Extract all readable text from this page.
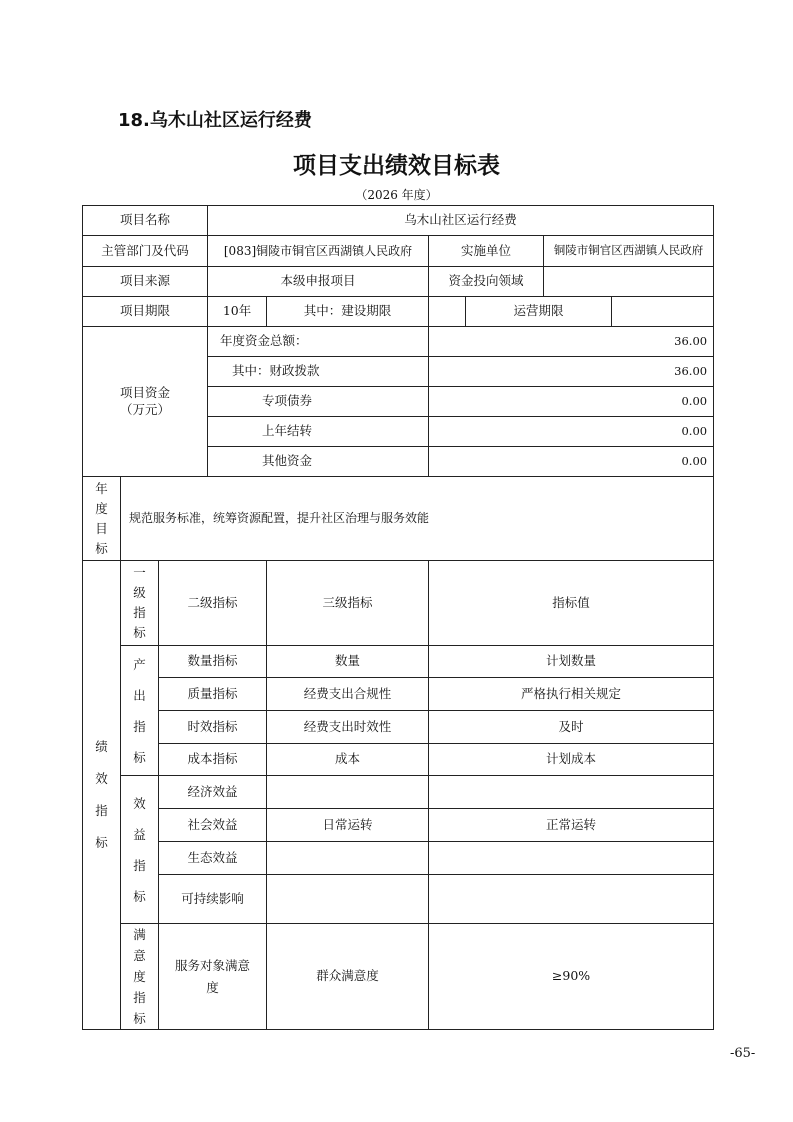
18.乌木山社区运行经费
项目支出绩效目标表
（2026 年度）
项目名称			乌木山社区运行经费					
主管部门及代码			[083]铜陵市铜官区西湖镇人民政府		实施单位		铜陵市铜官区西湖镇人民政府	
项目来源			本级申报项目		资金投向领域			
项目期限			10年	其中：建设期限		运营期限		
项目资金
（万元）			年度资金总额：		36.00			
			其中：财政拨款		36.00			
			专项债券		0.00			
			上年结转		0.00			
			其他资金		0.00			
年度目标	规范服务标准，统筹资源配置，提升社区治理与服务效能							
绩效指标	一级指标	二级指标		三级指标	指标值			
	产出指标	数量指标		数量	计划数量			
		质量指标		经费支出合规性	严格执行相关规定			
		时效指标		经费支出时效性	及时			
		成本指标		成本	计划成本			
	效益指标	经济效益						
		社会效益		日常运转	正常运转			
		生态效益						
		可持续影响						
	满意度指标	服务对象满意度		群众满意度	≥90%			
-65-
